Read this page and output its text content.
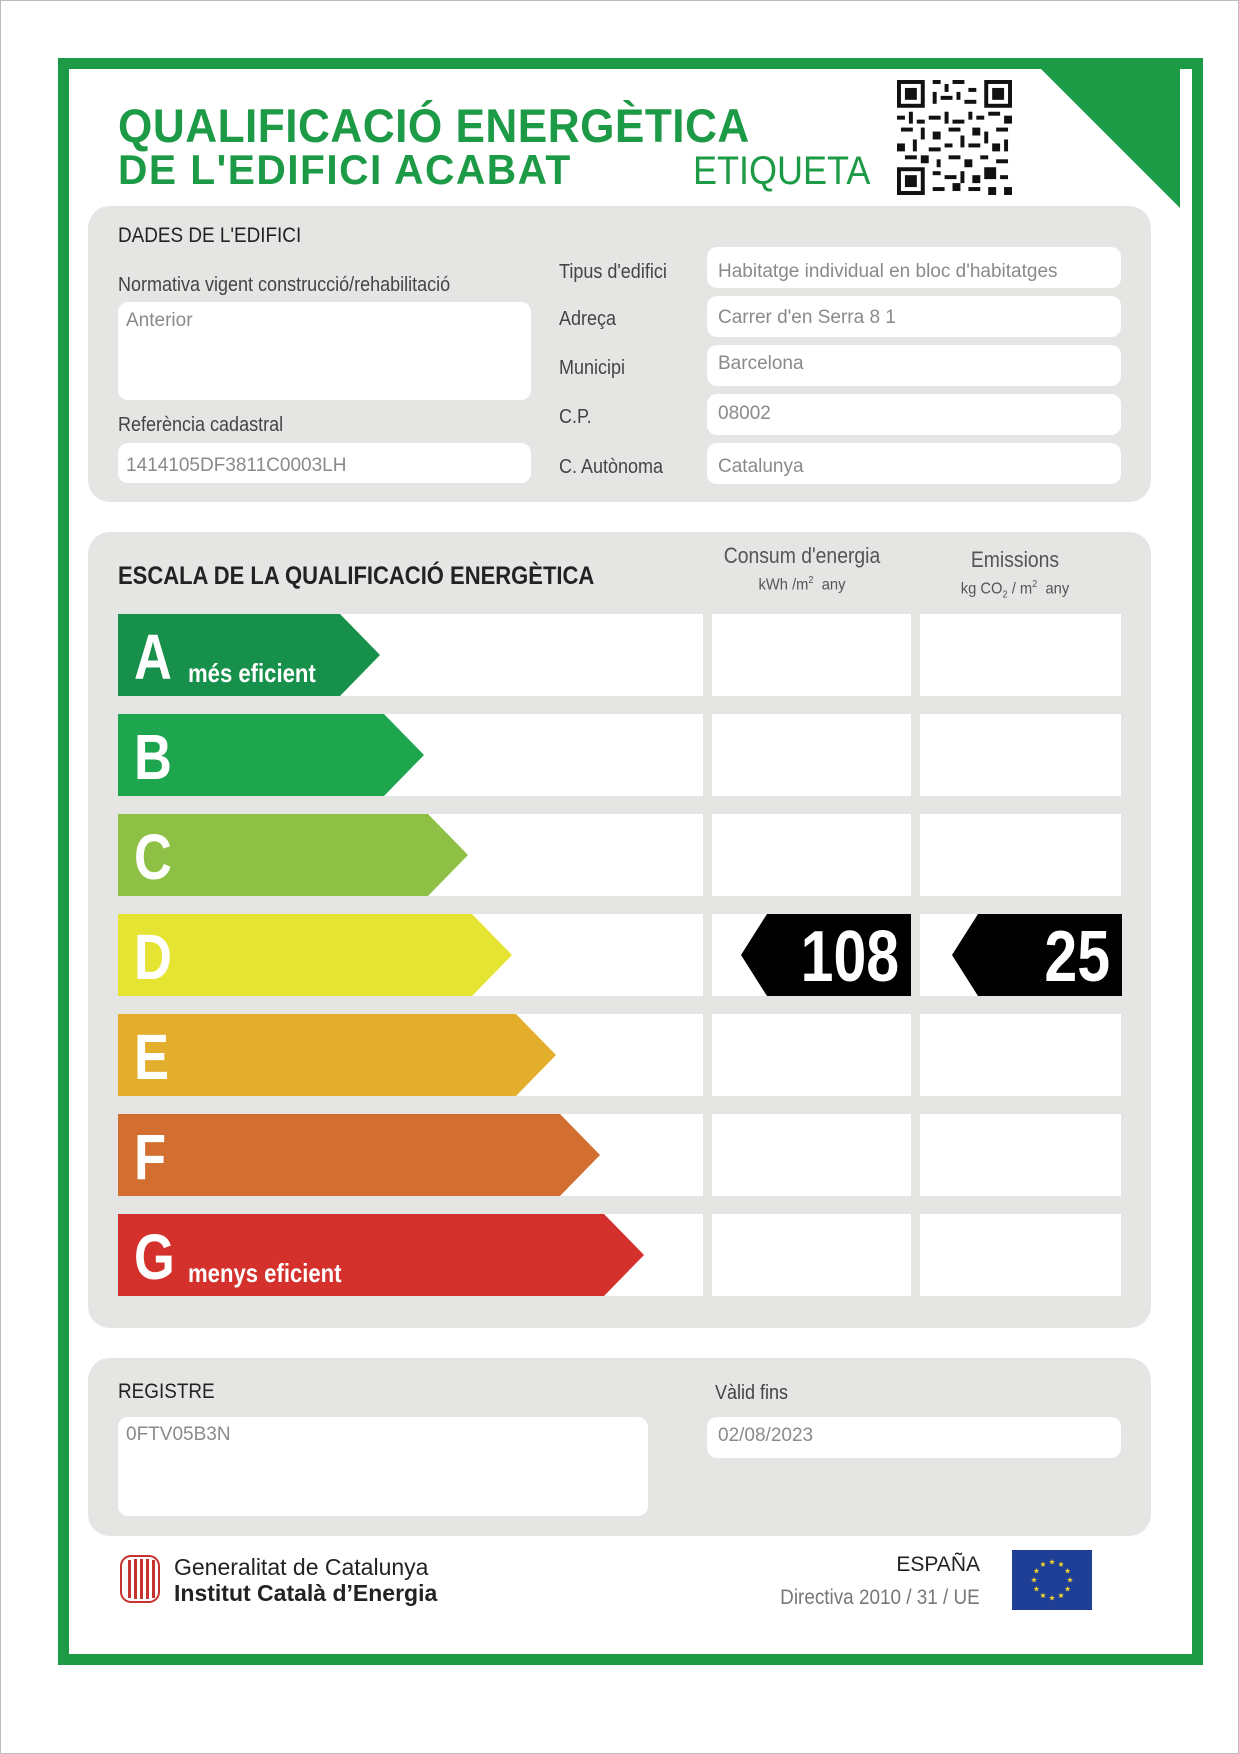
QUALIFICACIÓ ENERGÈTICA
DE L'EDIFICI ACABAT	ETIQUETA
DADES DE L'EDIFICI
Normativa vigent construcció/rehabilitació
Anterior
Referència cadastral
1414105DF3811C0003LH
Tipus d'edifici	Habitatge individual en bloc d'habitatges
Adreça	Carrer d'en Serra 8 1
Municipi	Barcelona
C.P.	08002
C. Autònoma	Catalunya
ESCALA DE LA QUALIFICACIÓ ENERGÈTICA
Consum d'energia
kWh $/m^2$ any
Emissions
kg $CO_2 / m^2$ any
A més eficient
B
C
D	108 25
E
F
G menys eficient
REGISTRE
0FTV05B3N
Vàlid fins
02/08/2023
Generalitat de Catalunya
Institut Català d’Energia
ESPAÑA
Directiva 2010 / 31 / UE
